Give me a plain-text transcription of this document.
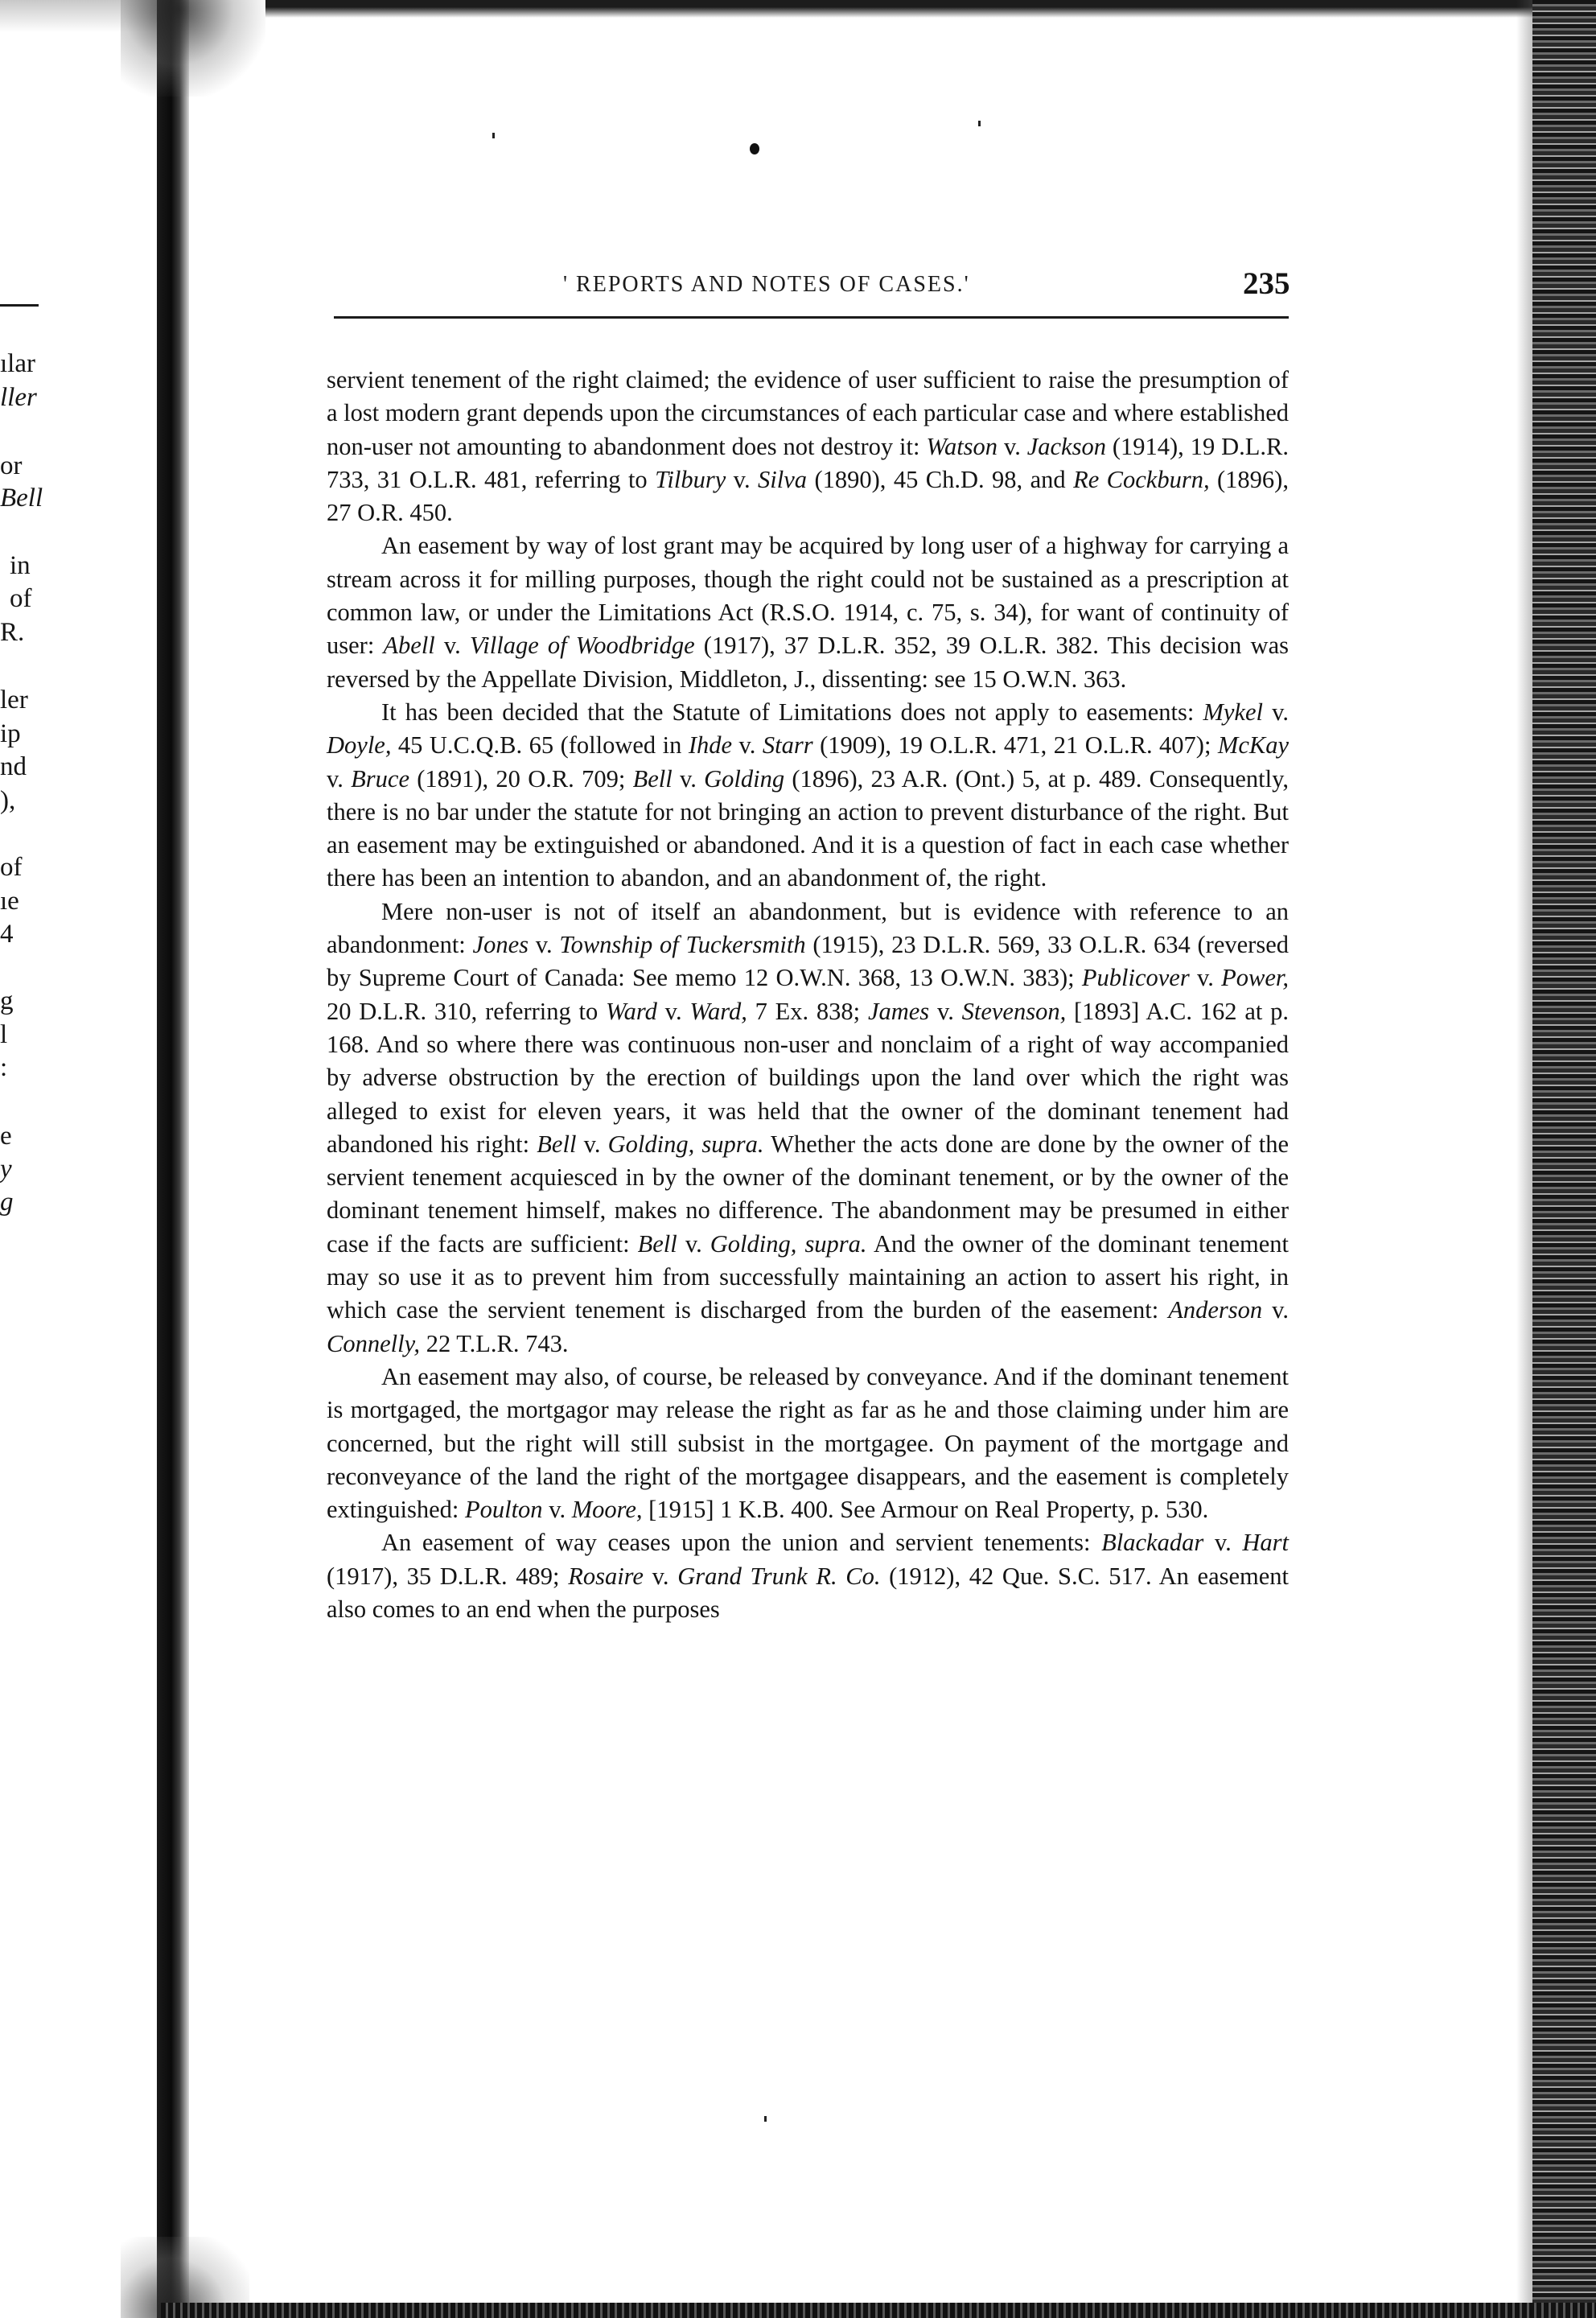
ılar
ller
or
Bell
in
of
R.
ler
ip
nd
),
of
ıe
4
g
l
:
e
y
g
' REPORTS AND NOTES OF CASES.'	235

servient tenement of the right claimed; the evidence of user sufficient to raise the presumption of a lost modern grant depends upon the circumstances of each particular case and where established non-user not amounting to abandonment does not destroy it: Watson v. Jackson (1914), 19 D.L.R. 733, 31 O.L.R. 481, referring to Tilbury v. Silva (1890), 45 Ch.D. 98, and Re Cockburn, (1896), 27 O.R. 450.

An easement by way of lost grant may be acquired by long user of a highway for carrying a stream across it for milling purposes, though the right could not be sustained as a prescription at common law, or under the Limitations Act (R.S.O. 1914, c. 75, s. 34), for want of continuity of user: Abell v. Village of Woodbridge (1917), 37 D.L.R. 352, 39 O.L.R. 382. This decision was reversed by the Appellate Division, Middleton, J., dissenting: see 15 O.W.N. 363.

It has been decided that the Statute of Limitations does not apply to easements: Mykel v. Doyle, 45 U.C.Q.B. 65 (followed in Ihde v. Starr (1909), 19 O.L.R. 471, 21 O.L.R. 407); McKay v. Bruce (1891), 20 O.R. 709; Bell v. Golding (1896), 23 A.R. (Ont.) 5, at p. 489. Consequently, there is no bar under the statute for not bringing an action to prevent disturbance of the right. But an easement may be extinguished or abandoned. And it is a question of fact in each case whether there has been an intention to abandon, and an abandonment of, the right.

Mere non-user is not of itself an abandonment, but is evidence with reference to an abandonment: Jones v. Township of Tuckersmith (1915), 23 D.L.R. 569, 33 O.L.R. 634 (reversed by Supreme Court of Canada: See memo 12 O.W.N. 368, 13 O.W.N. 383); Publicover v. Power, 20 D.L.R. 310, referring to Ward v. Ward, 7 Ex. 838; James v. Stevenson, [1893] A.C. 162 at p. 168. And so where there was continuous non-user and nonclaim of a right of way accompanied by adverse obstruction by the erection of buildings upon the land over which the right was alleged to exist for eleven years, it was held that the owner of the dominant tenement had abandoned his right: Bell v. Golding, supra. Whether the acts done are done by the owner of the servient tenement acquiesced in by the owner of the dominant tenement, or by the owner of the dominant tenement himself, makes no difference. The abandonment may be presumed in either case if the facts are sufficient: Bell v. Golding, supra. And the owner of the dominant tenement may so use it as to prevent him from successfully maintaining an action to assert his right, in which case the servient tenement is discharged from the burden of the easement: Anderson v. Connelly, 22 T.L.R. 743.

An easement may also, of course, be released by conveyance. And if the dominant tenement is mortgaged, the mortgagor may release the right as far as he and those claiming under him are concerned, but the right will still subsist in the mortgagee. On payment of the mortgage and reconveyance of the land the right of the mortgagee disappears, and the easement is completely extinguished: Poulton v. Moore, [1915] 1 K.B. 400. See Armour on Real Property, p. 530.

An easement of way ceases upon the union and servient tenements: Blackadar v. Hart (1917), 35 D.L.R. 489; Rosaire v. Grand Trunk R. Co. (1912), 42 Que. S.C. 517. An easement also comes to an end when the purposes
